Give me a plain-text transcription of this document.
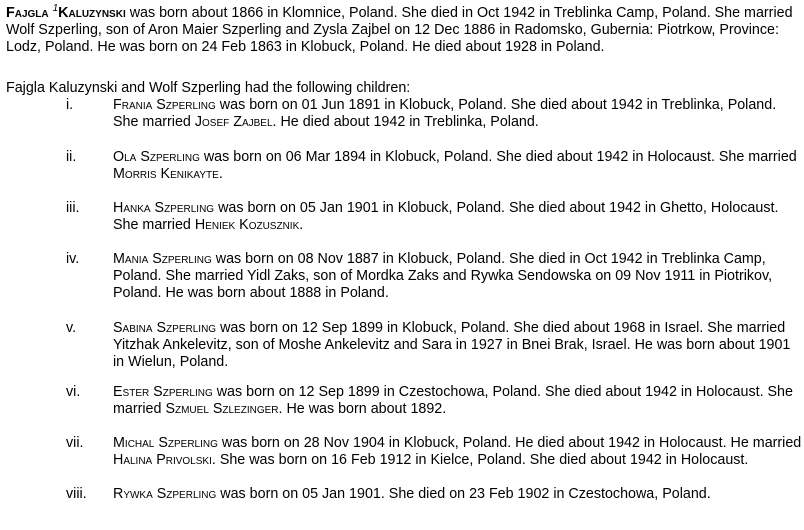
Fajgla $^1$Kaluzynski was born about 1866 in Klomnice, Poland. She died in Oct 1942 in Treblinka Camp, Poland. She married Wolf Szperling, son of Aron Maier Szperling and Zysla Zajbel on 12 Dec 1886 in Radomsko, Gubernia: Piotrkow, Province: Lodz, Poland. He was born on 24 Feb 1863 in Klobuck, Poland. He died about 1928 in Poland.

Fajgla Kaluzynski and Wolf Szperling had the following children:

i.	Frania Szperling was born on 01 Jun 1891 in Klobuck, Poland. She died about 1942 in Treblinka, Poland. She married Josef Zajbel. He died about 1942 in Treblinka, Poland.

ii.	Ola Szperling was born on 06 Mar 1894 in Klobuck, Poland. She died about 1942 in Holocaust. She married Morris Kenikayte.

iii. Hanka Szperling was born on 05 Jan 1901 in Klobuck, Poland. She died about 1942 in Ghetto, Holocaust. She married Heniek Kozusznik.

iv. Mania Szperling was born on 08 Nov 1887 in Klobuck, Poland. She died in Oct 1942 in Treblinka Camp, Poland. She married Yidl Zaks, son of Mordka Zaks and Rywka Sendowska on 09 Nov 1911 in Piotrikov, Poland. He was born about 1888 in Poland.

v.	Sabina Szperling was born on 12 Sep 1899 in Klobuck, Poland. She died about 1968 in Israel. She married Yitzhak Ankelevitz, son of Moshe Ankelevitz and Sara in 1927 in Bnei Brak, Israel. He was born about 1901 in Wielun, Poland.

vi. Ester Szperling was born on 12 Sep 1899 in Czestochowa, Poland. She died about 1942 in Holocaust. She married Szmuel Szlezinger. He was born about 1892.

vii. Michal Szperling was born on 28 Nov 1904 in Klobuck, Poland. He died about 1942 in Holocaust. He married Halina Privolski. She was born on 16 Feb 1912 in Kielce, Poland. She died about 1942 in Holocaust.

viii. Rywka Szperling was born on 05 Jan 1901. She died on 23 Feb 1902 in Czestochowa, Poland.
